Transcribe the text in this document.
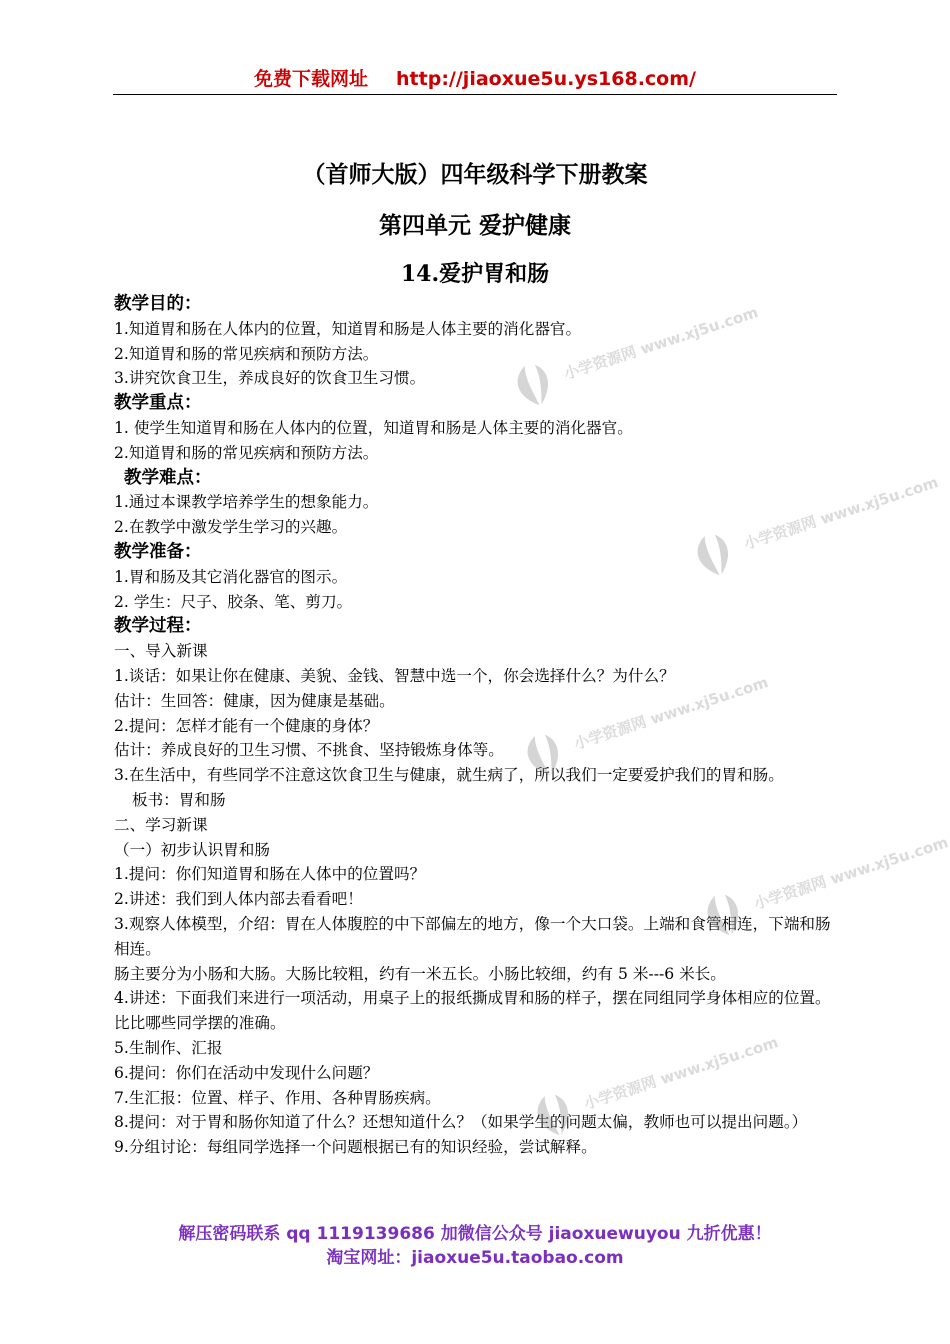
免费下载网址 http://jiaoxue5u.ys168.com/
（首师大版）四年级科学下册教案
第四单元 爱护健康
14.爱护胃和肠

教学目的：

1.知道胃和肠在人体内的位置，知道胃和肠是人体主要的消化器官。

2.知道胃和肠的常见疾病和预防方法。

3.讲究饮食卫生，养成良好的饮食卫生习惯。

教学重点：

1. 使学生知道胃和肠在人体内的位置，知道胃和肠是人体主要的消化器官。

2.知道胃和肠的常见疾病和预防方法。

教学难点：

1.通过本课教学培养学生的想象能力。

2.在教学中激发学生学习的兴趣。

教学准备：

1.胃和肠及其它消化器官的图示。

2. 学生：尺子、胶条、笔、剪刀。

教学过程：

一、导入新课

1.谈话：如果让你在健康、美貌、金钱、智慧中选一个，你会选择什么？为什么？

估计：生回答：健康，因为健康是基础。

2.提问：怎样才能有一个健康的身体？

估计：养成良好的卫生习惯、不挑食、坚持锻炼身体等。

3.在生活中，有些同学不注意这饮食卫生与健康，就生病了，所以我们一定要爱护我们的胃和肠。

板书：胃和肠

二、学习新课

（一）初步认识胃和肠

1.提问：你们知道胃和肠在人体中的位置吗？

2.讲述：我们到人体内部去看看吧！

3.观察人体模型，介绍：胃在人体腹腔的中下部偏左的地方，像一个大口袋。上端和食管相连，下端和肠相连。

肠主要分为小肠和大肠。大肠比较粗，约有一米五长。小肠比较细，约有 5 米---6 米长。

4.讲述：下面我们来进行一项活动，用桌子上的报纸撕成胃和肠的样子，摆在同组同学身体相应的位置。比比哪些同学摆的准确。

5.生制作、汇报

6.提问：你们在活动中发现什么问题？

7.生汇报：位置、样子、作用、各种胃肠疾病。

8.提问：对于胃和肠你知道了什么？还想知道什么？（如果学生的问题太偏，教师也可以提出问题。）

9.分组讨论：每组同学选择一个问题根据已有的知识经验，尝试解释。

小学资源网 www.xj5u.com
小学资源网 www.xj5u.com
小学资源网 www.xj5u.com
小学资源网 www.xj5u.com
小学资源网 www.xj5u.com
解压密码联系 qq 1119139686 加微信公众号 jiaoxuewuyou 九折优惠！
淘宝网址：jiaoxue5u.taobao.com
